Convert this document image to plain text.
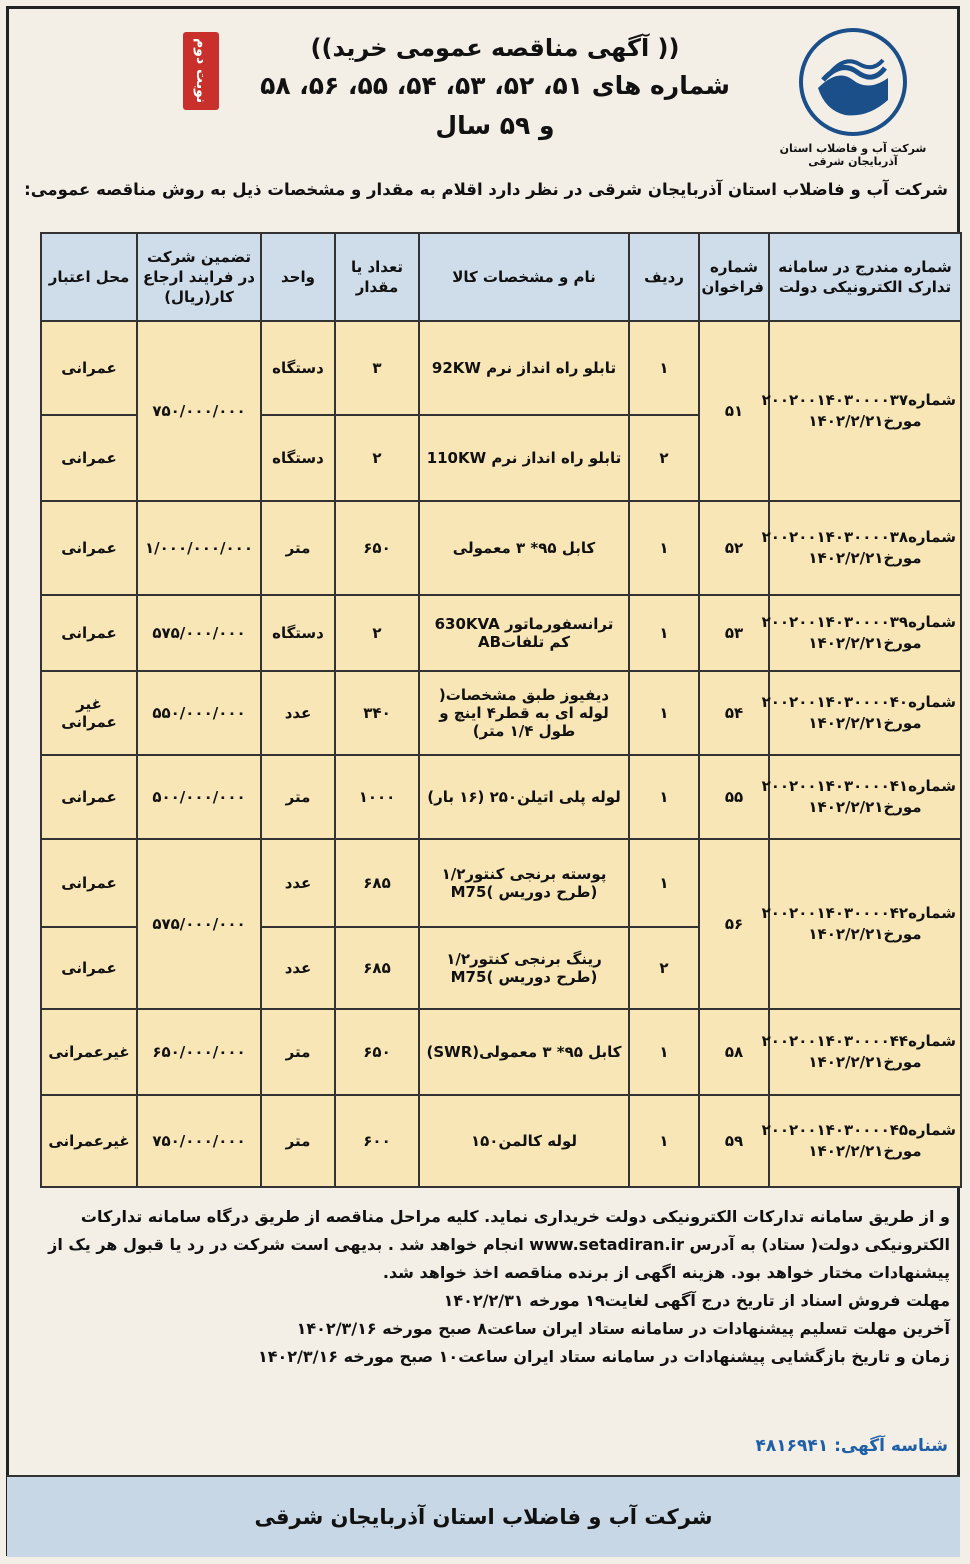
شرکت آب و فاضلاب استان آذربایجان شرقی
(( آگهی مناقصه عمومی خرید))
شماره های ۵۱، ۵۲، ۵۳، ۵۴، ۵۵، ۵۶، ۵۸ و ۵۹ سال
نوبت دوم
شرکت آب و فاضلاب استان آذربایجان شرقی در نظر دارد اقلام به مقدار و مشخصات ذیل به روش مناقصه عمومی:
شماره مندرج در سامانه تدارک الکترونیکی دولت	شماره فراخوان	ردیف	نام و مشخصات کالا	تعداد یا مقدار	واحد	تضمین شرکت در فرایند ارجاع کار(ریال)	محل اعتبار
شماره۲۰۰۲۰۰۱۴۰۳۰۰۰۰۳۷ مورخ۱۴۰۲/۲/۲۱	۵۱	۱	تابلو راه انداز نرم 92KW	۳	دستگاه	۷۵۰/۰۰۰/۰۰۰	عمرانی
		۲	تابلو راه انداز نرم 110KW	۲	دستگاه		عمرانی
شماره۲۰۰۲۰۰۱۴۰۳۰۰۰۰۳۸ مورخ۱۴۰۲/۲/۲۱	۵۲	۱	کابل ۹۵* ۳ معمولی	۶۵۰	متر	۱/۰۰۰/۰۰۰/۰۰۰	عمرانی
شماره۲۰۰۲۰۰۱۴۰۳۰۰۰۰۳۹ مورخ۱۴۰۲/۲/۲۱	۵۳	۱	ترانسفورماتور 630KVA کم تلفاتAB	۲	دستگاه	۵۷۵/۰۰۰/۰۰۰	عمرانی
شماره۲۰۰۲۰۰۱۴۰۳۰۰۰۰۴۰ مورخ۱۴۰۲/۲/۲۱	۵۴	۱	دیفیوز طبق مشخصات( لوله ای به قطر۴ اینچ و طول ۱/۴ متر)	۳۴۰	عدد	۵۵۰/۰۰۰/۰۰۰	غیر عمرانی
شماره۲۰۰۲۰۰۱۴۰۳۰۰۰۰۴۱ مورخ۱۴۰۲/۲/۲۱	۵۵	۱	لوله پلی اتیلن۲۵۰ (۱۶ بار)	۱۰۰۰	متر	۵۰۰/۰۰۰/۰۰۰	عمرانی
شماره۲۰۰۲۰۰۱۴۰۳۰۰۰۰۴۲ مورخ۱۴۰۲/۲/۲۱	۵۶	۱	پوسته برنجی کنتور۱/۲ (طرح دوریس )M75	۶۸۵	عدد	۵۷۵/۰۰۰/۰۰۰	عمرانی
		۲	رینگ برنجی کنتور۱/۲ (طرح دوریس )M75	۶۸۵	عدد		عمرانی
شماره۲۰۰۲۰۰۱۴۰۳۰۰۰۰۴۴ مورخ۱۴۰۲/۲/۲۱	۵۸	۱	کابل ۹۵* ۳ معمولی(SWR)	۶۵۰	متر	۶۵۰/۰۰۰/۰۰۰	غیرعمرانی
شماره۲۰۰۲۰۰۱۴۰۳۰۰۰۰۴۵ مورخ۱۴۰۲/۲/۲۱	۵۹	۱	لوله کالمن۱۵۰	۶۰۰	متر	۷۵۰/۰۰۰/۰۰۰	غیرعمرانی
و از طریق سامانه تدارکات الکترونیکی دولت خریداری نماید. کلیه مراحل مناقصه از طریق درگاه سامانه تدارکات الکترونیکی دولت( ستاد) به آدرس www.setadiran.ir انجام خواهد شد . بدیهی است شرکت در رد یا قبول هر یک از پیشنهادات مختار خواهد بود. هزینه اگهی از برنده مناقصه اخذ خواهد شد.
مهلت فروش اسناد از تاریخ درج آگهی لغایت۱۹ مورخه ۱۴۰۲/۲/۳۱
آخرین مهلت تسلیم پیشنهادات در سامانه ستاد ایران ساعت۸ صبح مورخه ۱۴۰۲/۳/۱۶
زمان و تاریخ بازگشایی پیشنهادات در سامانه ستاد ایران ساعت۱۰ صبح مورخه ۱۴۰۲/۳/۱۶
شناسه آگهی: ۴۸۱۶۹۴۱
شرکت آب و فاضلاب استان آذربایجان شرقی
